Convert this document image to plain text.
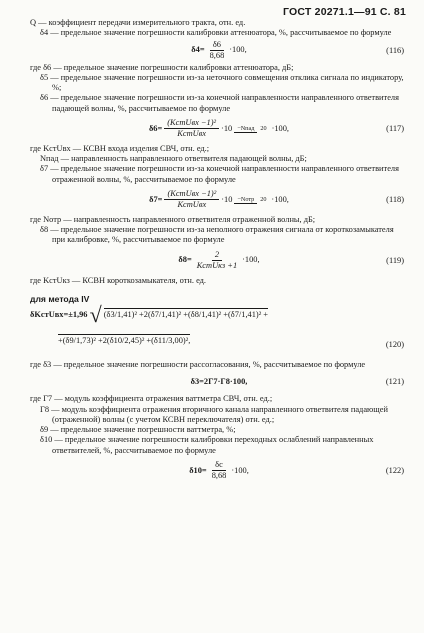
ГОСТ 20271.1—91 С. 81

Q — коэффициент передачи измерительного тракта, отн. ед.

δ4 — предельное значение погрешности калибровки аттенюатора, %, рассчитываемое по формуле

$\delta 4= \frac{\delta 6}{8,68} \cdot 100$,	(116)

где δ6 — предельное значение погрешности калибровки аттенюатора, дБ;

δ5 — предельное значение погрешности из-за неточного совмещения отклика сигнала по индикатору, %;

δ6 — предельное значение погрешности из-за конечной направленности направленного ответвителя падающей волны, %, рассчитываемое по формуле

$\delta 6= \frac{\text{(KстUвх −1)²}}{\text{KстUвх}} \cdot 10$ −Nпад 20 ·100,	(117)

где KстUвх — КСВН входа изделия СВЧ, отн. ед.;

Nпад — направленность направленного ответвителя падающей волны, дБ;

δ7 — предельное значение погрешности из-за конечной направленности направленного ответвителя отраженной волны, %, рассчитываемое по формуле

$\delta 7= \frac{\text{(KстUвх −1)²}}{\text{KстUвх}} \cdot 10$ −Nотр 20 ·100,	(118)

где Nотр — направленность направленного ответвителя отраженной волны, дБ;

δ8 — предельное значение погрешности из-за неполного отражения сигнала от короткозамыкателя при калибровке, %, рассчитываемое по формуле

$\delta 8= \frac{2}{\text{KстUкз +1}} \cdot 100$,	(119)

где KстUкз — КСВН короткозамыкателя, отн. ед.

для метода IV

δKстUвх=±1,96 √ (δ3/1,41)² +2(δ7/1,41)² +(δ8/1,41)² +(δ7/1,41)² +
+(δ9/1,73)² +2(δ10/2,45)² +(δ11/3,00)²,	(120)

где δ3 — предельное значение погрешности рассогласования, %, рассчитываемое по формуле

δ3=2Γ7·Γ8·100,	(121)

где Γ7 — модуль коэффициента отражения ваттметра СВЧ, отн. ед.;

Γ8 — модуль коэффициента отражения вторичного канала направленного ответвителя падающей (отраженной) волны (с учетом КСВН переключателя) отн. ед.;

δ9 — предельное значение погрешности ваттметра, %;

δ10 — предельное значение погрешности калибровки переходных ослаблений направленных ответвителей, %, рассчитываемое по формуле

$\delta 10= \frac{\delta с}{8,68} \cdot 100$,	(122)
